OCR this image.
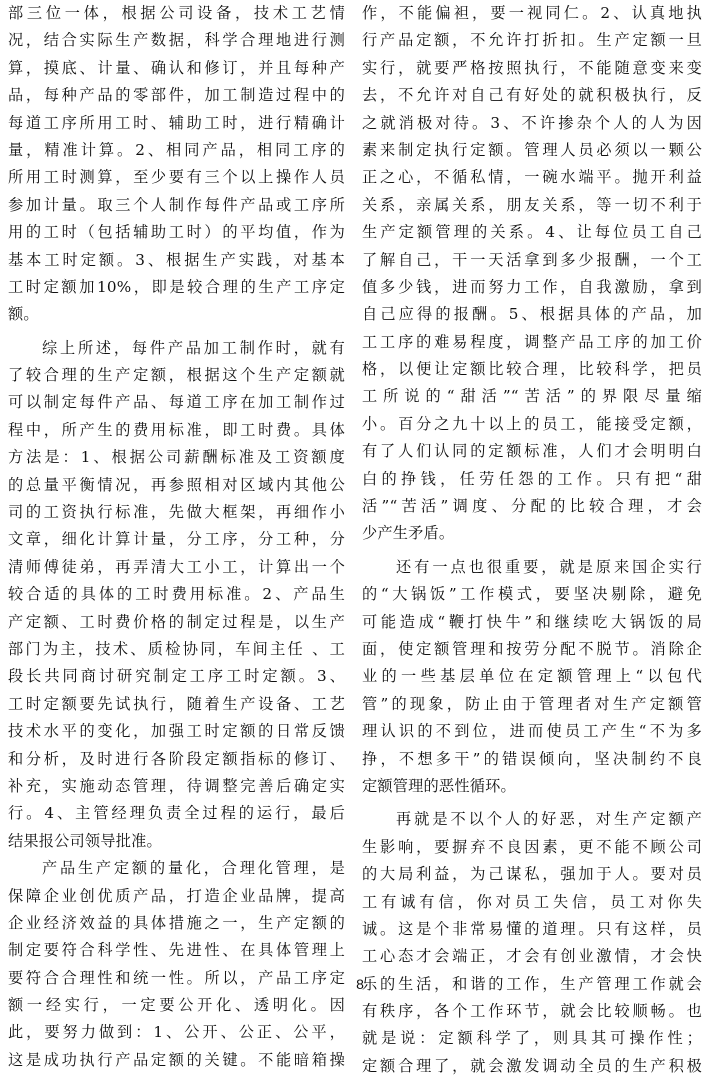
部三位一体，根据公司设备，技术工艺情
况，结合实际生产数据，科学合理地进行测
算，摸底、计量、确认和修订，并且每种产
品，每种产品的零部件，加工制造过程中的
每道工序所用工时、辅助工时，进行精确计
量，精准计算。2、相同产品，相同工序的
所用工时测算，至少要有三个以上操作人员
参加计量。取三个人制作每件产品或工序所
用的工时（包括辅助工时）的平均值，作为
基本工时定额。3、根据生产实践，对基本
工时定额加10%，即是较合理的生产工序定
额。
综上所述，每件产品加工制作时，就有
了较合理的生产定额，根据这个生产定额就
可以制定每件产品、每道工序在加工制作过
程中，所产生的费用标准，即工时费。具体
方法是：1、根据公司薪酬标准及工资额度
的总量平衡情况，再参照相对区域内其他公
司的工资执行标准，先做大框架，再细作小
文章，细化计算计量，分工序，分工种，分
清师傅徒弟，再弄清大工小工，计算出一个
较合适的具体的工时费用标准。2、产品生
产定额、工时费价格的制定过程是，以生产
部门为主，技术、质检协同，车间主任 、工
段长共同商讨研究制定工序工时定额。3、
工时定额要先试执行，随着生产设备、工艺
技术水平的变化，加强工时定额的日常反馈
和分析，及时进行各阶段定额指标的修订、
补充，实施动态管理，待调整完善后确定实
行。4、主管经理负责全过程的运行，最后
结果报公司领导批准。
产品生产定额的量化，合理化管理，是
保障企业创优质产品，打造企业品牌，提高
企业经济效益的具体措施之一，生产定额的
制定要符合科学性、先进性、在具体管理上
要符合合理性和统一性。所以，产品工序定
额一经实行，一定要公开化、透明化。因
此，要努力做到：1、公开、公正、公平，
这是成功执行产品定额的关键。不能暗箱操
作，不能偏袒，要一视同仁。2、认真地执
行产品定额，不允许打折扣。生产定额一旦
实行，就要严格按照执行，不能随意变来变
去，不允许对自己有好处的就积极执行，反
之就消极对待。3、不许掺杂个人的人为因
素来制定执行定额。管理人员必须以一颗公
正之心，不循私情，一碗水端平。抛开利益
关系，亲属关系，朋友关系，等一切不利于
生产定额管理的关系。4、让每位员工自己
了解自己，干一天活拿到多少报酬，一个工
值多少钱，进而努力工作，自我激励，拿到
自己应得的报酬。5、根据具体的产品，加
工工序的难易程度，调整产品工序的加工价
格，以便让定额比较合理，比较科学，把员
工所说的“甜活”“苦活”的界限尽量缩
小。百分之九十以上的员工，能接受定额，
有了人们认同的定额标准，人们才会明明白
白的挣钱，任劳任怨的工作。只有把“甜
活”“苦活”调度、分配的比较合理，才会
少产生矛盾。
还有一点也很重要，就是原来国企实行
的“大锅饭”工作模式，要坚决剔除，避免
可能造成“鞭打快牛”和继续吃大锅饭的局
面，使定额管理和按劳分配不脱节。消除企
业的一些基层单位在定额管理上“以包代
管”的现象，防止由于管理者对生产定额管
理认识的不到位，进而使员工产生“不为多
挣，不想多干”的错误倾向，坚决制约不良
定额管理的恶性循环。
再就是不以个人的好恶，对生产定额产
生影响，要摒弃不良因素，更不能不顾公司
的大局利益，为己谋私，强加于人。要对员
工有诚有信，你对员工失信，员工对你失
诚。这是个非常易懂的道理。只有这样，员
工心态才会端正，才会有创业激情，才会快
乐的生活，和谐的工作，生产管理工作就会
有秩序，各个工作环节，就会比较顺畅。也
就是说：定额科学了，则具其可操作性；
定额合理了，就会激发调动全员的生产积极
8
